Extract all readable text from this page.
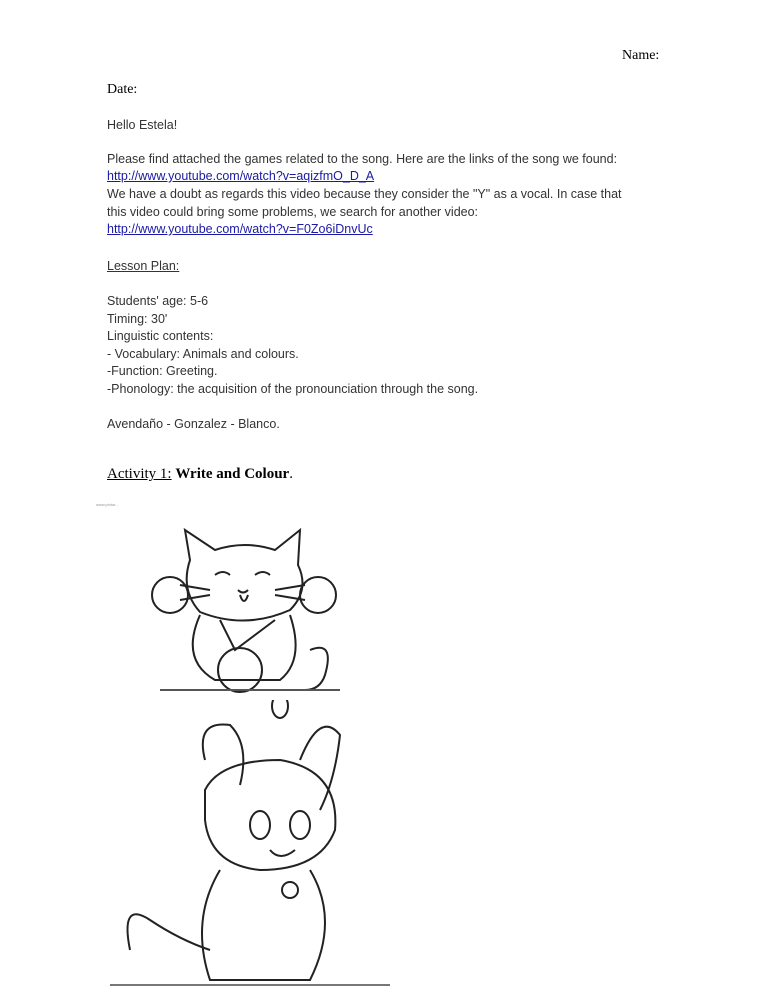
Name:
Date:
Hello Estela!
Please find attached the games related to the song. Here are the links of the song we found:
http://www.youtube.com/watch?v=aqizfmO_D_A
We have a doubt as regards this video because they consider the "Y" as a vocal. In case that
this video could bring some problems, we search for another video:
http://www.youtube.com/watch?v=F0Zo6iDnvUc
Lesson Plan:
Students' age: 5-6
Timing: 30'
Linguistic contents:
- Vocabulary: Animals and colours.
-Function: Greeting.
-Phonology: the acquisition of the pronounciation through the song.
Avendaño - Gonzalez - Blanco.
Activity 1: Write and Colour.
www.pintar...
